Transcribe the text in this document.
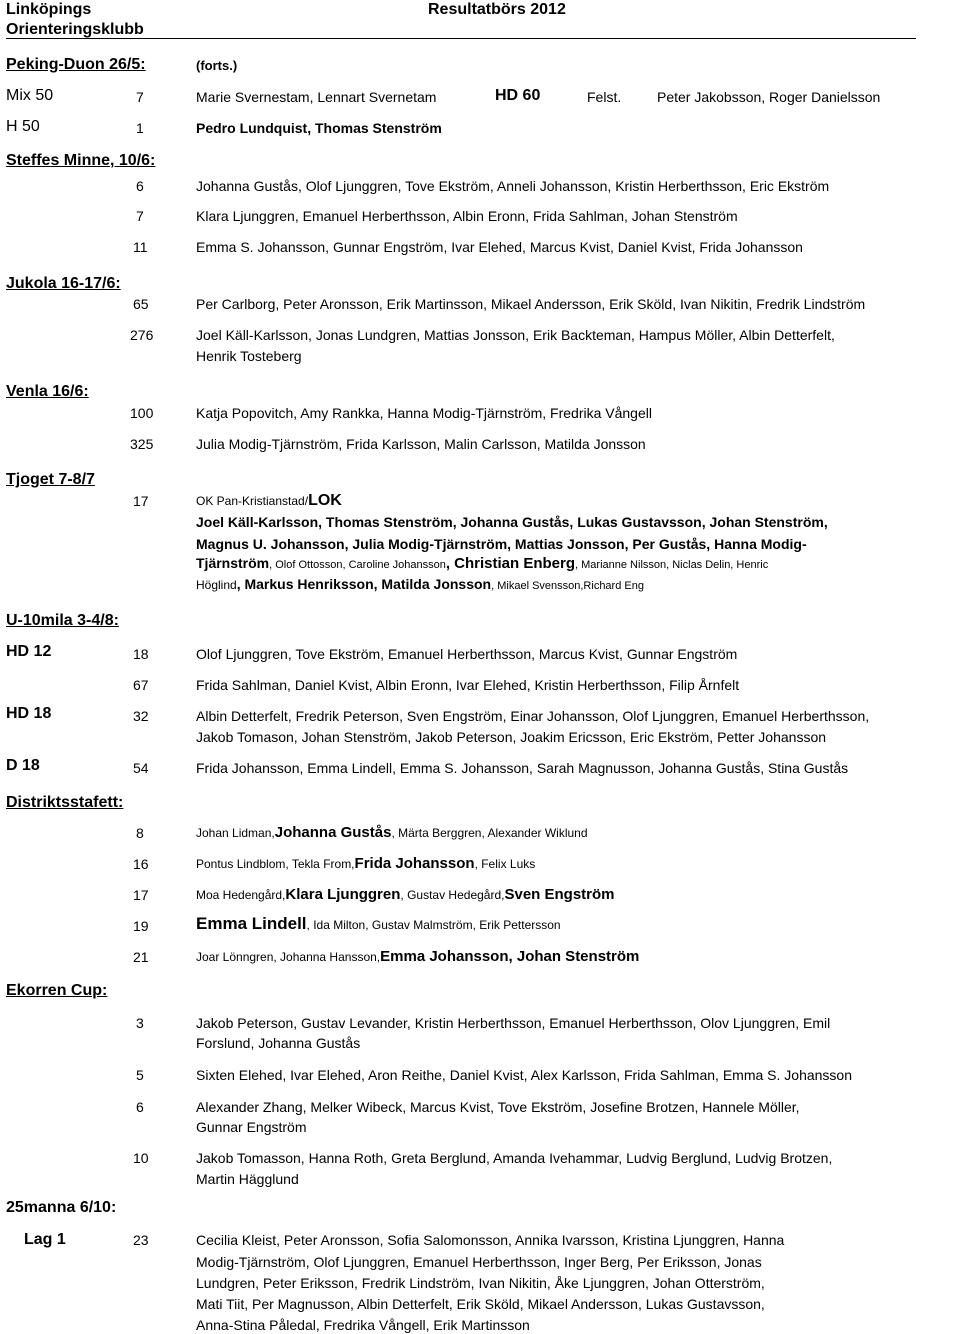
Linköpings
Orienteringsklubb
Resultatbörs 2012
Peking-Duon 26/5:	(forts.)
Mix 50	7	Marie Svernestam, Lennart Svernetam	HD 60	Felst.	Peter Jakobsson, Roger Danielsson
H 50	1	Pedro Lundquist, Thomas Stenström
Steffes Minne, 10/6:
6	Johanna Gustås, Olof Ljunggren, Tove Ekström, Anneli Johansson, Kristin Herberthsson, Eric Ekström
7	Klara Ljunggren, Emanuel Herberthsson, Albin Eronn, Frida Sahlman, Johan Stenström
11	Emma S. Johansson, Gunnar Engström, Ivar Elehed, Marcus Kvist, Daniel Kvist, Frida Johansson
Jukola 16-17/6:
65	Per Carlborg, Peter Aronsson, Erik Martinsson, Mikael Andersson, Erik Sköld, Ivan Nikitin, Fredrik Lindström
276	Joel Käll-Karlsson, Jonas Lundgren, Mattias Jonsson, Erik Backteman, Hampus Möller, Albin Detterfelt,
Henrik Tosteberg
Venla 16/6:
100	Katja Popovitch, Amy Rankka, Hanna Modig-Tjärnström, Fredrika Vångell
325	Julia Modig-Tjärnström, Frida Karlsson, Malin Carlsson, Matilda Jonsson
Tjoget 7-8/7
17	OK Pan-Kristianstad/LOK
Joel Käll-Karlsson, Thomas Stenström, Johanna Gustås, Lukas Gustavsson, Johan Stenström,
Magnus U. Johansson, Julia Modig-Tjärnström, Mattias Jonsson, Per Gustås, Hanna Modig-
Tjärnström, Olof Ottosson, Caroline Johansson, Christian Enberg, Marianne Nilsson, Niclas Delin, Henric
Höglind, Markus Henriksson, Matilda Jonsson, Mikael Svensson,Richard Eng
U-10mila 3-4/8:
HD 12	18	Olof Ljunggren, Tove Ekström, Emanuel Herberthsson, Marcus Kvist, Gunnar Engström
67	Frida Sahlman, Daniel Kvist, Albin Eronn, Ivar Elehed, Kristin Herberthsson, Filip Årnfelt
HD 18	32	Albin Detterfelt, Fredrik Peterson, Sven Engström, Einar Johansson, Olof Ljunggren, Emanuel Herberthsson,
Jakob Tomason, Johan Stenström, Jakob Peterson, Joakim Ericsson, Eric Ekström, Petter Johansson
D 18	54	Frida Johansson, Emma Lindell, Emma S. Johansson, Sarah Magnusson, Johanna Gustås, Stina Gustås
Distriktsstafett:
8	Johan Lidman,Johanna Gustås, Märta Berggren, Alexander Wiklund
16	Pontus Lindblom, Tekla From,Frida Johansson, Felix Luks
17	Moa Hedengård,Klara Ljunggren, Gustav Hedegård,Sven Engström
19	Emma Lindell, Ida Milton, Gustav Malmström, Erik Pettersson
21	Joar Lönngren, Johanna Hansson,Emma Johansson, Johan Stenström
Ekorren Cup:
3	Jakob Peterson, Gustav Levander, Kristin Herberthsson, Emanuel Herberthsson, Olov Ljunggren, Emil
Forslund, Johanna Gustås
5	Sixten Elehed, Ivar Elehed, Aron Reithe, Daniel Kvist, Alex Karlsson, Frida Sahlman, Emma S. Johansson
6	Alexander Zhang, Melker Wibeck, Marcus Kvist, Tove Ekström, Josefine Brotzen, Hannele Möller,
Gunnar Engström
10	Jakob Tomasson, Hanna Roth, Greta Berglund, Amanda Ivehammar, Ludvig Berglund, Ludvig Brotzen,
Martin Hägglund
25manna 6/10:
Lag 1	23	Cecilia Kleist, Peter Aronsson, Sofia Salomonsson, Annika Ivarsson, Kristina Ljunggren, Hanna
Modig-Tjärnström, Olof Ljunggren, Emanuel Herberthsson, Inger Berg, Per Eriksson, Jonas
Lundgren, Peter Eriksson, Fredrik Lindström, Ivan Nikitin, Åke Ljunggren, Johan Otterström,
Mati Tiit, Per Magnusson, Albin Detterfelt, Erik Sköld, Mikael Andersson, Lukas Gustavsson,
Anna-Stina Påledal, Fredrika Vångell, Erik Martinsson
